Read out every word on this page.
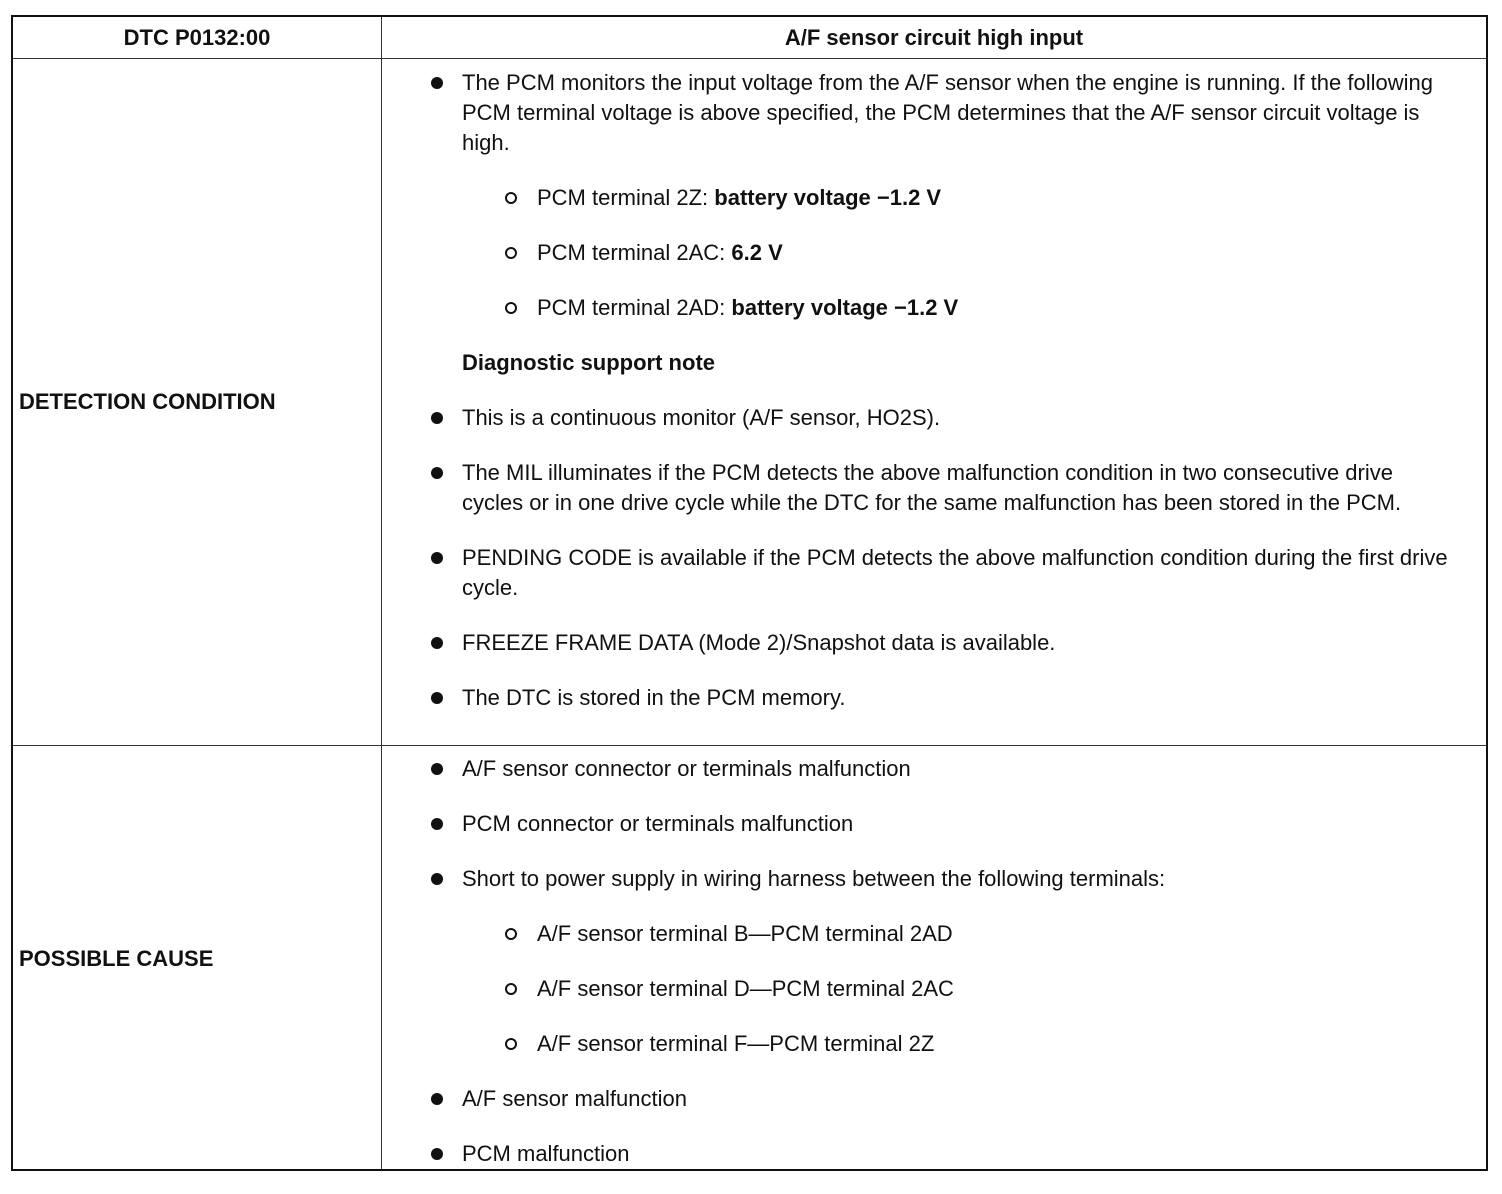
DTC P0132:00	A/F sensor circuit high input
DETECTION CONDITION
The PCM monitors the input voltage from the A/F sensor when the engine is running. If the following PCM terminal voltage is above specified, the PCM determines that the A/F sensor circuit voltage is high.
PCM terminal 2Z: battery voltage −1.2 V
PCM terminal 2AC: 6.2 V
PCM terminal 2AD: battery voltage −1.2 V
Diagnostic support note
This is a continuous monitor (A/F sensor, HO2S).
The MIL illuminates if the PCM detects the above malfunction condition in two consecutive drive cycles or in one drive cycle while the DTC for the same malfunction has been stored in the PCM.
PENDING CODE is available if the PCM detects the above malfunction condition during the first drive cycle.
FREEZE FRAME DATA (Mode 2)/Snapshot data is available.
The DTC is stored in the PCM memory.
POSSIBLE CAUSE
A/F sensor connector or terminals malfunction
PCM connector or terminals malfunction
Short to power supply in wiring harness between the following terminals:
A/F sensor terminal B—PCM terminal 2AD
A/F sensor terminal D—PCM terminal 2AC
A/F sensor terminal F—PCM terminal 2Z
A/F sensor malfunction
PCM malfunction
